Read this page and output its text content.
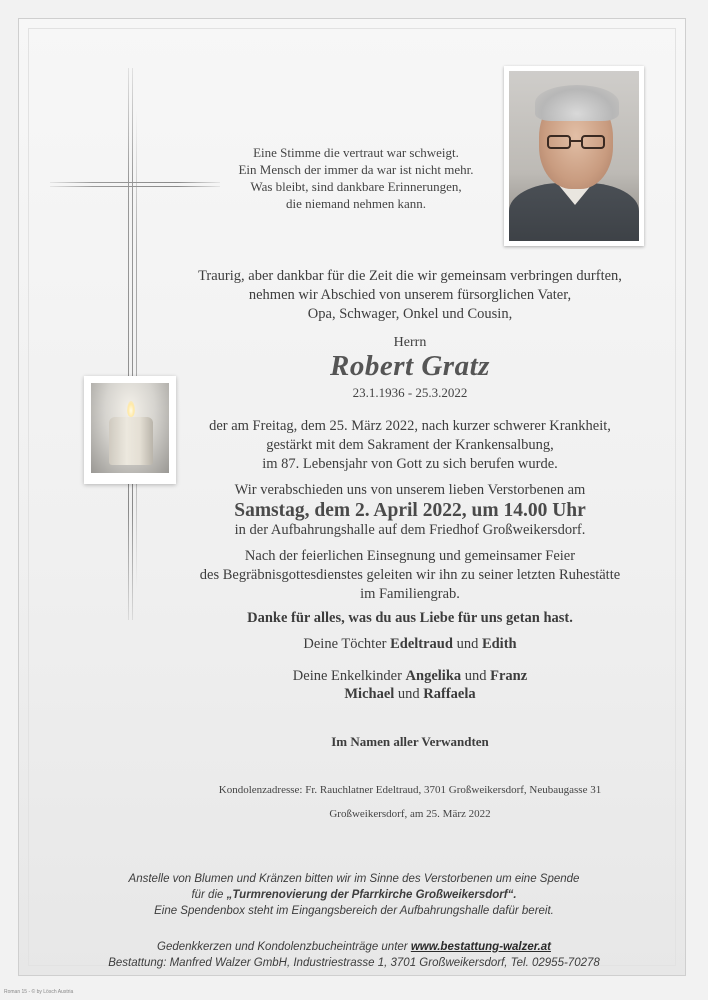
Eine Stimme die vertraut war schweigt.
Ein Mensch der immer da war ist nicht mehr.
Was bleibt, sind dankbare Erinnerungen,
die niemand nehmen kann.
Traurig, aber dankbar für die Zeit die wir gemeinsam verbringen durften,
nehmen wir Abschied von unserem fürsorglichen Vater,
Opa, Schwager, Onkel und Cousin,
Herrn
Robert Gratz
23.1.1936 - 25.3.2022
der am Freitag, dem 25. März 2022, nach kurzer schwerer Krankheit,
gestärkt mit dem Sakrament der Krankensalbung,
im 87. Lebensjahr von Gott zu sich berufen wurde.
Wir verabschieden uns von unserem lieben Verstorbenen am
Samstag, dem 2. April 2022, um 14.00 Uhr
in der Aufbahrungshalle auf dem Friedhof Großweikersdorf.
Nach der feierlichen Einsegnung und gemeinsamer Feier
des Begräbnisgottesdienstes geleiten wir ihn zu seiner letzten Ruhestätte
im Familiengrab.
Danke für alles, was du aus Liebe für uns getan hast.
Deine Töchter Edeltraud und Edith
Deine Enkelkinder Angelika und Franz
Michael und Raffaela
Im Namen aller Verwandten
Kondolenzadresse: Fr. Rauchlatner Edeltraud, 3701 Großweikersdorf, Neubaugasse 31
Großweikersdorf, am 25. März 2022
Anstelle von Blumen und Kränzen bitten wir im Sinne des Verstorbenen um eine Spende
für die „Turmrenovierung der Pfarrkirche Großweikersdorf“.
Eine Spendenbox steht im Eingangsbereich der Aufbahrungshalle dafür bereit.
Gedenkkerzen und Kondolenzbucheinträge unter www.bestattung-walzer.at
Bestattung: Manfred Walzer GmbH, Industriestrasse 1, 3701 Großweikersdorf, Tel. 02955-70278
Roman 15 - © by Lösch Austria
